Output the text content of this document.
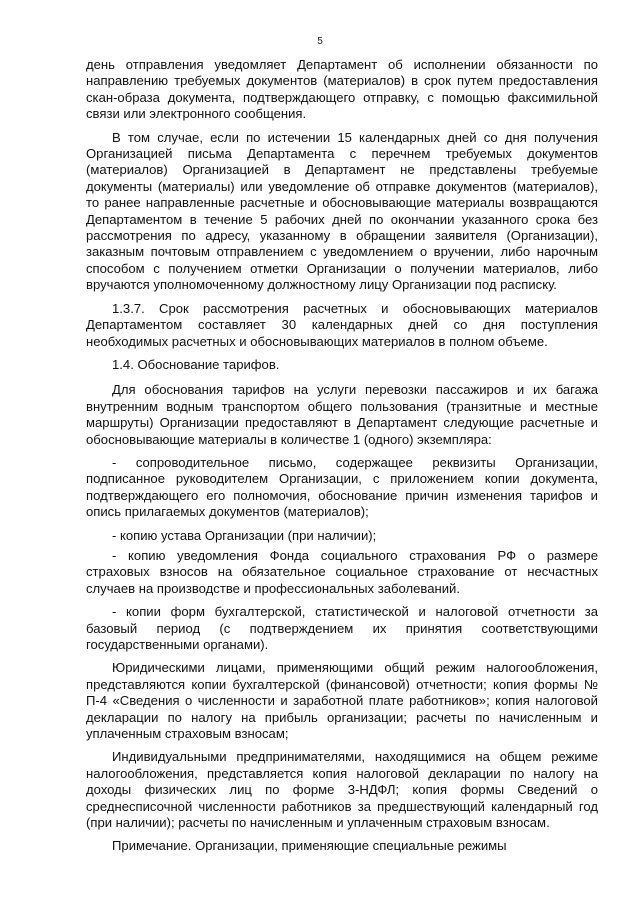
5

день отправления уведомляет Департамент об исполнении обязанности по направлению требуемых документов (материалов) в срок путем предоставления скан-образа документа, подтверждающего отправку, с помощью факсимильной связи или электронного сообщения.

В том случае, если по истечении 15 календарных дней со дня получения Организацией письма Департамента с перечнем требуемых документов (материалов) Организацией в Департамент не представлены требуемые документы (материалы) или уведомление об отправке документов (материалов), то ранее направленные расчетные и обосновывающие материалы возвращаются Департаментом в течение 5 рабочих дней по окончании указанного срока без рассмотрения по адресу, указанному в обращении заявителя (Организации), заказным почтовым отправлением с уведомлением о вручении, либо нарочным способом с получением отметки Организации о получении материалов, либо вручаются уполномоченному должностному лицу Организации под расписку.

1.3.7. Срок рассмотрения расчетных и обосновывающих материалов Департаментом составляет 30 календарных дней со дня поступления необходимых расчетных и обосновывающих материалов в полном объеме.

1.4. Обоснование тарифов.

Для обоснования тарифов на услуги перевозки пассажиров и их багажа внутренним водным транспортом общего пользования (транзитные и местные маршруты) Организации предоставляют в Департамент следующие расчетные и обосновывающие материалы в количестве 1 (одного) экземпляра:

- сопроводительное письмо, содержащее реквизиты Организации, подписанное руководителем Организации, с приложением копии документа, подтверждающего его полномочия, обоснование причин изменения тарифов и опись прилагаемых документов (материалов);

- копию устава Организации (при наличии);

- копию уведомления Фонда социального страхования РФ о размере страховых взносов на обязательное социальное страхование от несчастных случаев на производстве и профессиональных заболеваний.

- копии форм бухгалтерской, статистической и налоговой отчетности за базовый период (с подтверждением их принятия соответствующими государственными органами).

Юридическими лицами, применяющими общий режим налогообложения, представляются копии бухгалтерской (финансовой) отчетности; копия формы № П-4 «Сведения о численности и заработной плате работников»; копия налоговой декларации по налогу на прибыль организации; расчеты по начисленным и уплаченным страховым взносам;

Индивидуальными предпринимателями, находящимися на общем режиме налогообложения, представляется копия налоговой декларации по налогу на доходы физических лиц по форме 3-НДФЛ; копия формы Сведений о среднесписочной численности работников за предшествующий календарный год (при наличии); расчеты по начисленным и уплаченным страховым взносам.

Примечание. Организации, применяющие специальные режимы
